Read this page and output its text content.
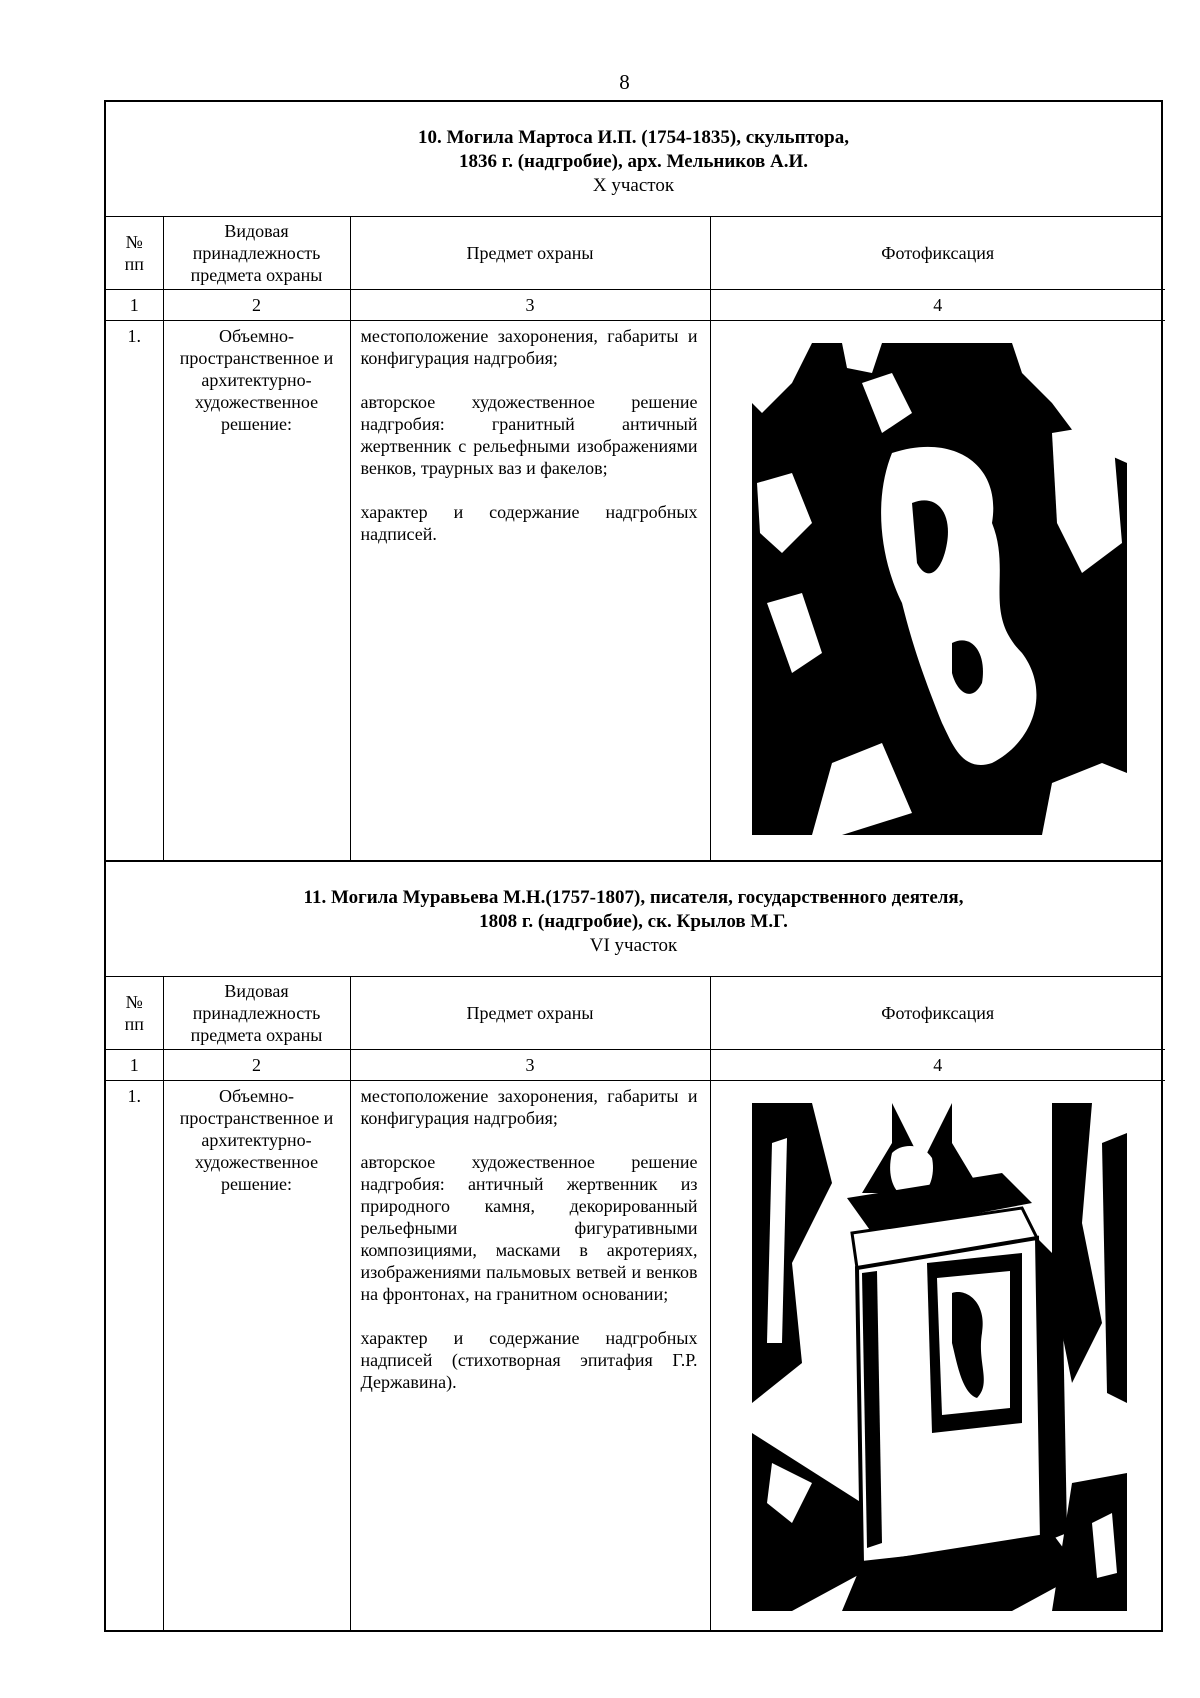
8
10. Могила Мартоса И.П. (1754-1835), скульптора,
1836 г. (надгробие), арх. Мельников А.И.
X участок
№
пп	Видовая принадлежность предмета охраны	Предмет охраны	Фотофиксация
1	2	3	4
1.	Объемно-пространственное и архитектурно-художественное решение:	местоположение захоронения, габариты и конфигурация надгробия;

авторское художественное решение надгробия: гранитный античный жертвенник с рельефными изображениями венков, траурных ваз и факелов;

характер и содержание надгробных надписей.

11. Могила Муравьева М.Н.(1757-1807), писателя, государственного деятеля,
1808 г. (надгробие), ск. Крылов М.Г.
VI участок
№
пп	Видовая принадлежность предмета охраны	Предмет охраны	Фотофиксация
1	2	3	4
1.	Объемно-пространственное и архитектурно-художественное решение:	местоположение захоронения, габариты и конфигурация надгробия;

авторское художественное решение надгробия: античный жертвенник из природного камня, декорированный рельефными фигуративными композициями, масками в акротериях, изображениями пальмовых ветвей и венков на фронтонах, на гранитном основании;

характер и содержание надгробных надписей (стихотворная эпитафия Г.Р. Державина).
